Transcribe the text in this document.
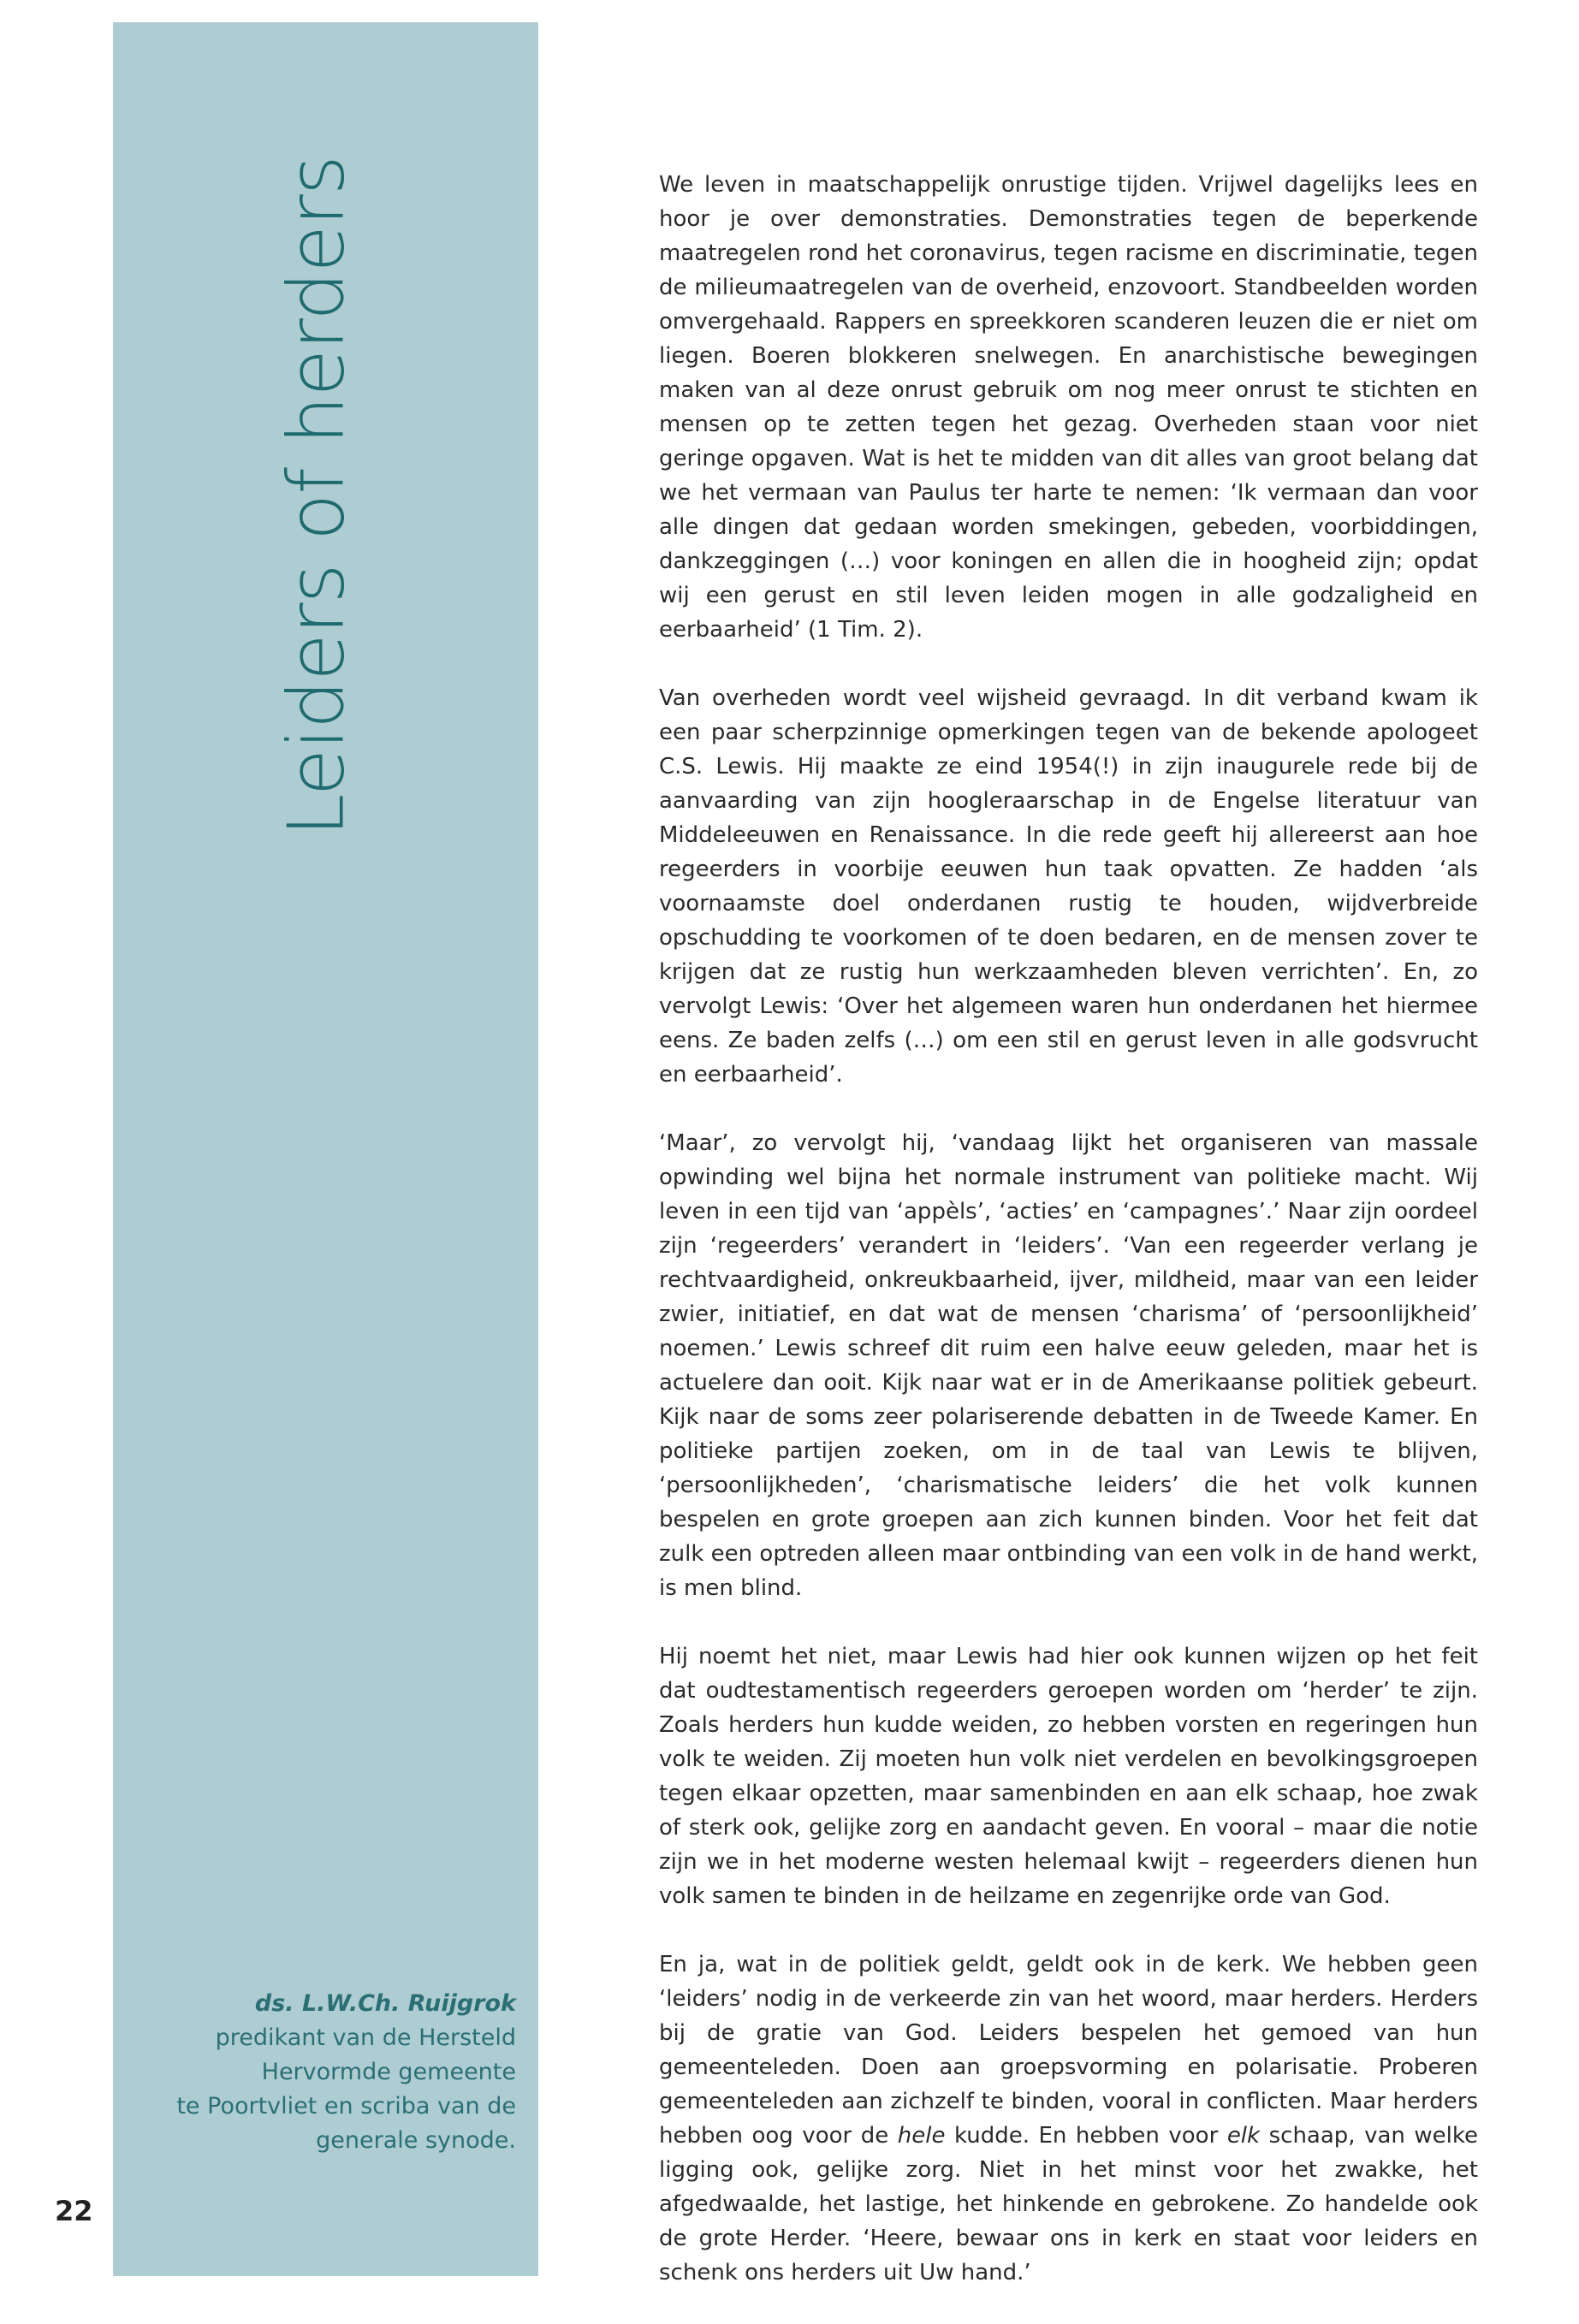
Leiders of herders
ds. L.W.Ch. Ruijgrok
predikant van de Hersteld
Hervormde gemeente
te Poortvliet en scriba van de
generale synode.
22

We leven in maatschappelijk onrustige tijden. Vrijwel dagelijks lees en hoor je over demonstraties. Demonstraties tegen de beperkende maatregelen rond het coronavirus, tegen racisme en discriminatie, tegen de milieumaatregelen van de overheid, enzovoort. Standbeelden worden omvergehaald. Rappers en spreekkoren scanderen leuzen die er niet om liegen. Boeren blokkeren snelwegen. En anarchistische bewegingen maken van al deze onrust gebruik om nog meer onrust te stichten en mensen op te zetten tegen het gezag. Overheden staan voor niet geringe opgaven. Wat is het te midden van dit alles van groot belang dat we het vermaan van Paulus ter harte te nemen: ‘Ik vermaan dan voor alle dingen dat gedaan worden smekingen, gebeden, voorbiddingen, dankzeggingen (…) voor koningen en allen die in hoogheid zijn; opdat wij een gerust en stil leven leiden mogen in alle godzaligheid en eerbaarheid’ (1 Tim. 2).

Van overheden wordt veel wijsheid gevraagd. In dit verband kwam ik een paar scherpzinnige opmerkingen tegen van de bekende apologeet C.S. Lewis. Hij maakte ze eind 1954(!) in zijn inaugurele rede bij de aanvaarding van zijn hoogleraarschap in de Engelse literatuur van Middeleeuwen en Renaissance. In die rede geeft hij allereerst aan hoe regeerders in voorbije eeuwen hun taak opvatten. Ze hadden ‘als voornaamste doel onderdanen rustig te houden, wijdverbreide opschudding te voorkomen of te doen bedaren, en de mensen zover te krijgen dat ze rustig hun werkzaamheden bleven verrichten’. En, zo vervolgt Lewis: ‘Over het algemeen waren hun onderdanen het hiermee eens. Ze baden zelfs (…) om een stil en gerust leven in alle godsvrucht en eerbaarheid’.

‘Maar’, zo vervolgt hij, ‘vandaag lijkt het organiseren van massale opwinding wel bijna het normale instrument van politieke macht. Wij leven in een tijd van ‘appèls’, ‘acties’ en ‘campagnes’.’ Naar zijn oordeel zijn ‘regeerders’ verandert in ‘leiders’. ‘Van een regeerder verlang je rechtvaardigheid, onkreukbaarheid, ijver, mildheid, maar van een leider zwier, initiatief, en dat wat de mensen ‘charisma’ of ‘persoonlijkheid’ noemen.’ Lewis schreef dit ruim een halve eeuw geleden, maar het is actuelere dan ooit. Kijk naar wat er in de Amerikaanse politiek gebeurt. Kijk naar de soms zeer polariserende debatten in de Tweede Kamer. En politieke partijen zoeken, om in de taal van Lewis te blijven, ‘persoonlijkheden’, ‘charismatische leiders’ die het volk kunnen bespelen en grote groepen aan zich kunnen binden. Voor het feit dat zulk een optreden alleen maar ontbinding van een volk in de hand werkt, is men blind.

Hij noemt het niet, maar Lewis had hier ook kunnen wijzen op het feit dat oudtestamentisch regeerders geroepen worden om ‘herder’ te zijn. Zoals herders hun kudde weiden, zo hebben vorsten en regeringen hun volk te weiden. Zij moeten hun volk niet verdelen en bevolkingsgroepen tegen elkaar opzetten, maar samenbinden en aan elk schaap, hoe zwak of sterk ook, gelijke zorg en aandacht geven. En vooral – maar die notie zijn we in het moderne westen helemaal kwijt – regeerders dienen hun volk samen te binden in de heilzame en zegenrijke orde van God.

En ja, wat in de politiek geldt, geldt ook in de kerk. We hebben geen ‘leiders’ nodig in de verkeerde zin van het woord, maar herders. Herders bij de gratie van God. Leiders bespelen het gemoed van hun gemeenteleden. Doen aan groepsvorming en polarisatie. Proberen gemeenteleden aan zichzelf te binden, vooral in conflicten. Maar herders hebben oog voor de hele kudde. En hebben voor elk schaap, van welke ligging ook, gelijke zorg. Niet in het minst voor het zwakke, het afgedwaalde, het lastige, het hinkende en gebrokene. Zo handelde ook de grote Herder. ‘Heere, bewaar ons in kerk en staat voor leiders en schenk ons herders uit Uw hand.’
